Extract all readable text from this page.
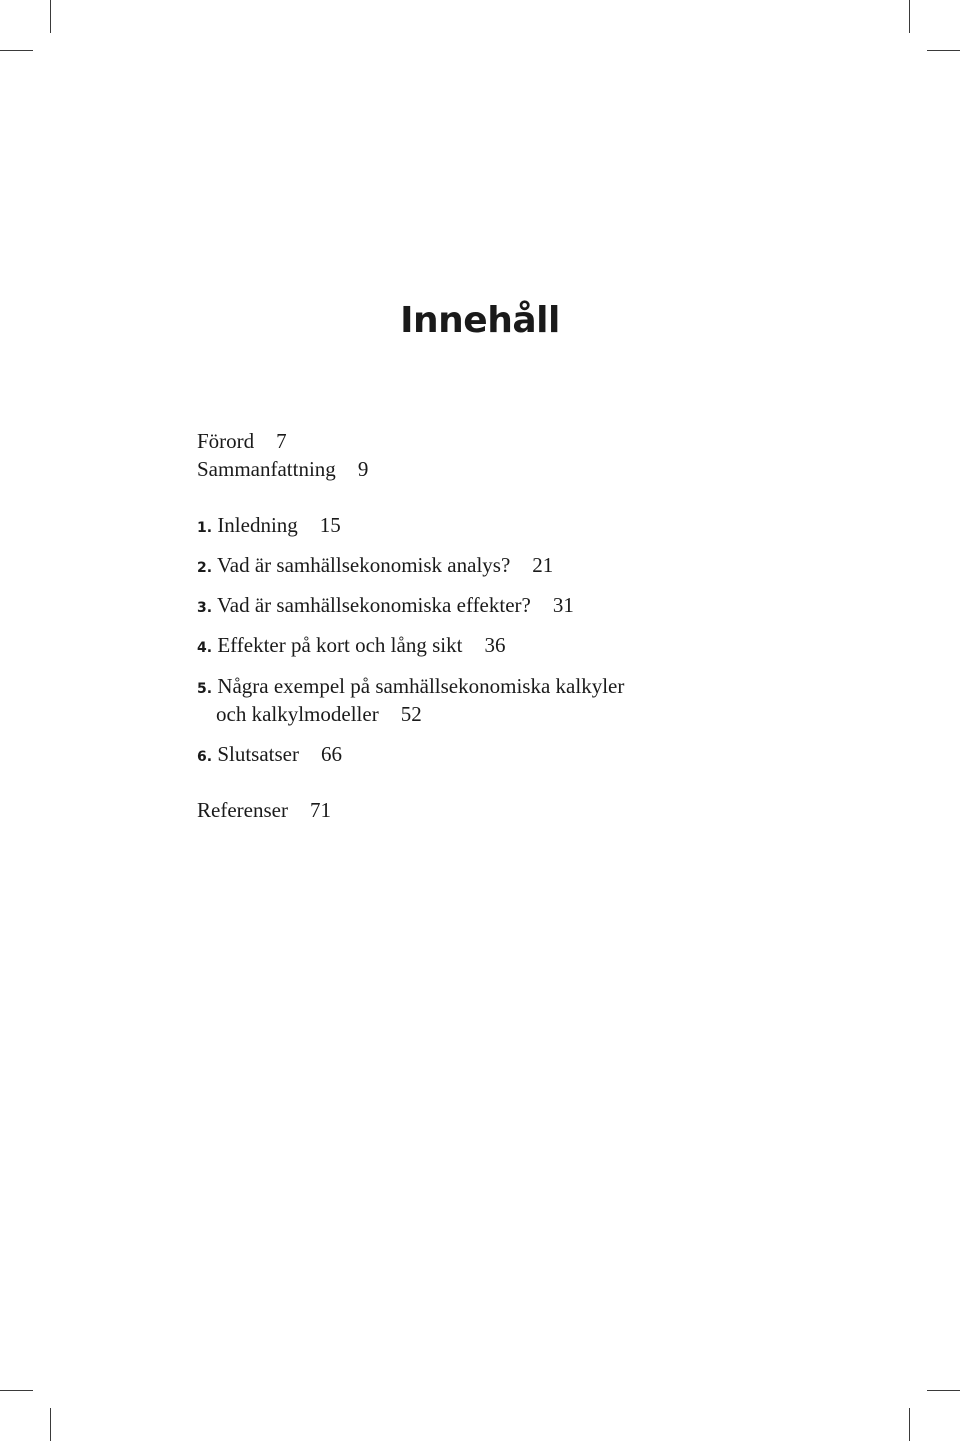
Innehåll
Förord 7
Sammanfattning 9
1. Inledning 15
2. Vad är samhällsekonomisk analys? 21
3. Vad är samhällsekonomiska effekter? 31
4. Effekter på kort och lång sikt 36
5. Några exempel på samhällsekonomiska kalkyler
och kalkylmodeller 52
6. Slutsatser 66
Referenser 71
